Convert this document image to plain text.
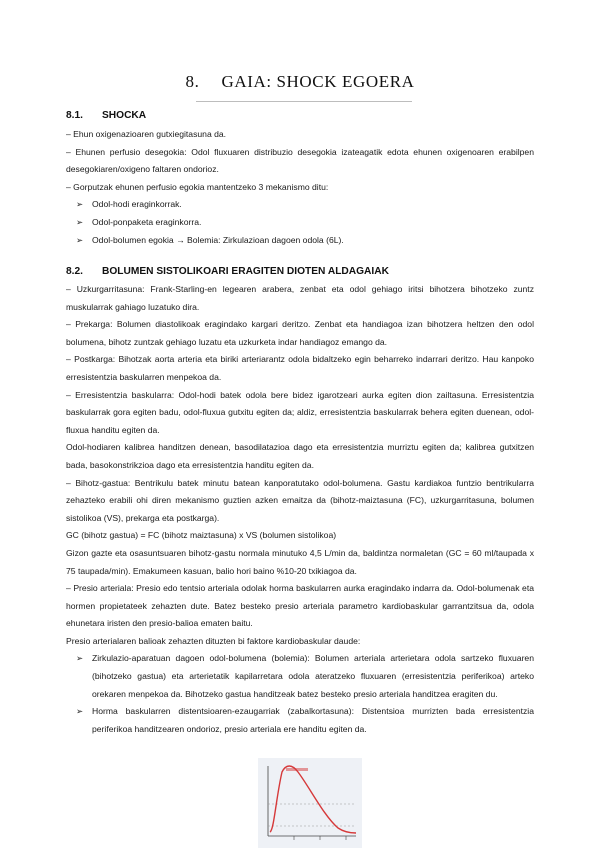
8. GAIA: SHOCK EGOERA
8.1. SHOCKA
– Ehun oxigenazioaren gutxiegitasuna da.
– Ehunen perfusio desegokia: Odol fluxuaren distribuzio desegokia izateagatik edota ehunen oxigenoaren erabilpen desegokiaren/oxigeno faltaren ondorioz.
– Gorputzak ehunen perfusio egokia mantentzeko 3 mekanismo ditu:
➢ Odol-hodi eraginkorrak.
➢ Odol-ponpaketa eraginkorra.
➢ Odol-bolumen egokia → Bolemia: Zirkulazioan dagoen odola (6L).
8.2. BOLUMEN SISTOLIKOARI ERAGITEN DIOTEN ALDAGAIAK
– Uzkurgarritasuna: Frank-Starling-en legearen arabera, zenbat eta odol gehiago iritsi bihotzera bihotzeko zuntz muskularrak gahiago luzatuko dira.
– Prekarga: Bolumen diastolikoak eragindako kargari deritzo. Zenbat eta handiagoa izan bihotzera heltzen den odol bolumena, bihotz zuntzak gehiago luzatu eta uzkurketa indar handiagoz emango da.
– Postkarga: Bihotzak aorta arteria eta biriki arteriarantz odola bidaltzeko egin beharreko indarrari deritzo. Hau kanpoko erresistentzia baskularren menpekoa da.
– Erresistentzia baskularra: Odol-hodi batek odola bere bidez igarotzeari aurka egiten dion zailtasuna. Erresistentzia baskularrak gora egiten badu, odol-fluxua gutxitu egiten da; aldiz, erresistentzia baskularrak behera egiten duenean, odol-fluxua handitu egiten da.
Odol-hodiaren kalibrea handitzen denean, basodilatazioa dago eta erresistentzia murriztu egiten da; kalibrea gutxitzen bada, basokonstrikzioa dago eta erresistentzia handitu egiten da.
– Bihotz-gastua: Bentrikulu batek minutu batean kanporatutako odol-bolumena. Gastu kardiakoa funtzio bentrikularra zehazteko erabili ohi diren mekanismo guztien azken emaitza da (bihotz-maiztasuna (FC), uzkurgarritasuna, bolumen sistolikoa (VS), prekarga eta postkarga).
GC (bihotz gastua) = FC (bihotz maiztasuna) x VS (bolumen sistolikoa)
Gizon gazte eta osasuntsuaren bihotz-gastu normala minutuko 4,5 L/min da, baldintza normaletan (GC = 60 ml/taupada x 75 taupada/min). Emakumeen kasuan, balio hori baino %10-20 txikiagoa da.
– Presio arteriala: Presio edo tentsio arteriala odolak horma baskularren aurka eragindako indarra da. Odol-bolumenak eta hormen propietateek zehazten dute. Batez besteko presio arteriala parametro kardiobaskular garrantzitsua da, odola ehunetara iristen den presio-balioa ematen baitu.
Presio arterialaren balioak zehazten dituzten bi faktore kardiobaskular daude:
➢ Zirkulazio-aparatuan dagoen odol-bolumena (bolemia): Bolumen arteriala arterietara odola sartzeko fluxuaren (bihotzeko gastua) eta arterietatik kapilarretara odola ateratzeko fluxuaren (erresistentzia periferikoa) arteko orekaren menpekoa da. Bihotzeko gastua handitzeak batez besteko presio arteriala handitzea eragiten du.
➢ Horma baskularren distentsioaren-ezaugarriak (zabalkortasuna): Distentsioa murrizten bada erresistentzia periferikoa handitzearen ondorioz, presio arteriala ere handitu egiten da.
